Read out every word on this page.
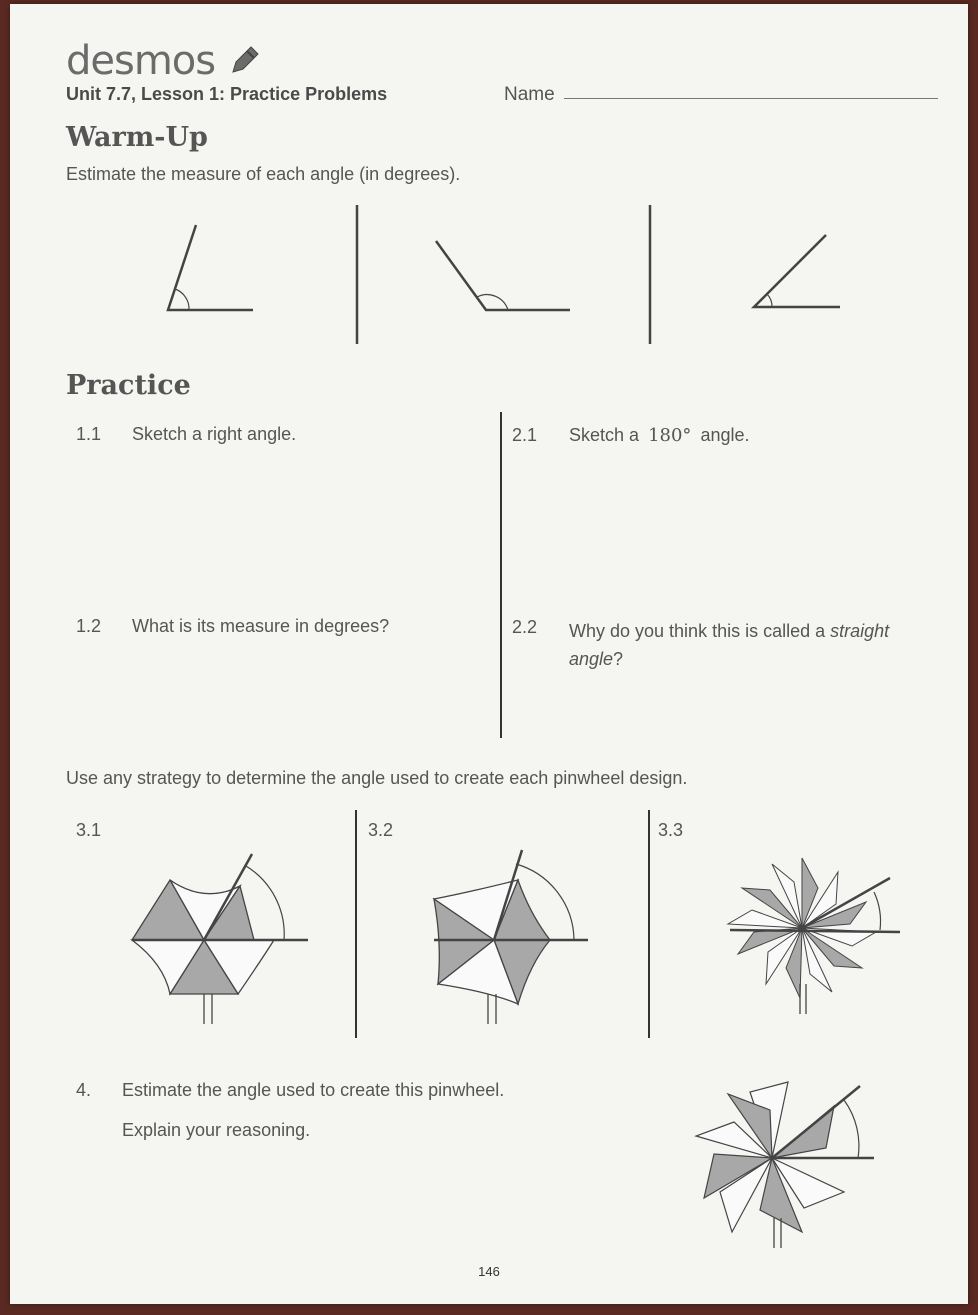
desmos
Unit 7.7, Lesson 1: Practice Problems	Name
Warm-Up
Estimate the measure of each angle (in degrees).
Practice
1.1 Sketch a right angle.
1.2 What is its measure in degrees?
2.1 Sketch a 180° angle.
2.2 Why do you think this is called a straight angle?
Use any strategy to determine the angle used to create each pinwheel design.
3.1	3.2	3.3
4. Estimate the angle used to create this pinwheel.
Explain your reasoning.
146
